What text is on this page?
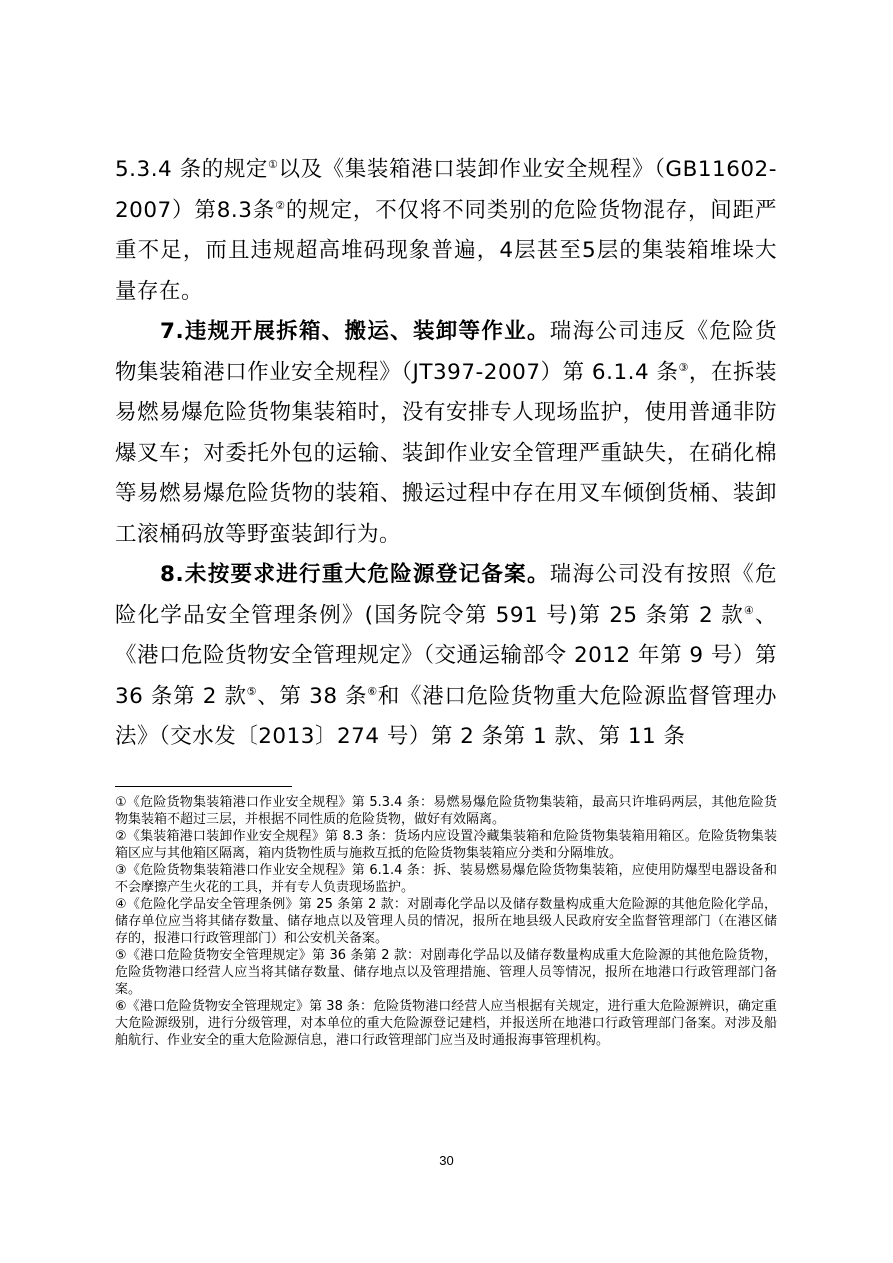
5.3.4 条的规定①以及《集装箱港口装卸作业安全规程》（GB11602-2007）第8.3条②的规定，不仅将不同类别的危险货物混存，间距严重不足，而且违规超高堆码现象普遍，4层甚至5层的集装箱堆垛大量存在。

7.违规开展拆箱、搬运、装卸等作业。瑞海公司违反《危险货物集装箱港口作业安全规程》（JT397-2007）第 6.1.4 条③，在拆装易燃易爆危险货物集装箱时，没有安排专人现场监护，使用普通非防爆叉车；对委托外包的运输、装卸作业安全管理严重缺失，在硝化棉等易燃易爆危险货物的装箱、搬运过程中存在用叉车倾倒货桶、装卸工滚桶码放等野蛮装卸行为。

8.未按要求进行重大危险源登记备案。瑞海公司没有按照《危险化学品安全管理条例》(国务院令第 591 号)第 25 条第 2 款④、《港口危险货物安全管理规定》（交通运输部令 2012 年第 9 号）第 36 条第 2 款⑤、第 38 条⑥和《港口危险货物重大危险源监督管理办法》（交水发〔2013〕274 号）第 2 条第 1 款、第 11 条

①《危险货物集装箱港口作业安全规程》第 5.3.4 条：易燃易爆危险货物集装箱，最高只许堆码两层，其他危险货物集装箱不超过三层，并根据不同性质的危险货物，做好有效隔离。

②《集装箱港口装卸作业安全规程》第 8.3 条：货场内应设置冷藏集装箱和危险货物集装箱用箱区。危险货物集装箱区应与其他箱区隔离，箱内货物性质与施救互抵的危险货物集装箱应分类和分隔堆放。

③《危险货物集装箱港口作业安全规程》第 6.1.4 条：拆、装易燃易爆危险货物集装箱，应使用防爆型电器设备和不会摩擦产生火花的工具，并有专人负责现场监护。

④《危险化学品安全管理条例》第 25 条第 2 款：对剧毒化学品以及储存数量构成重大危险源的其他危险化学品，储存单位应当将其储存数量、储存地点以及管理人员的情况，报所在地县级人民政府安全监督管理部门（在港区储存的，报港口行政管理部门）和公安机关备案。

⑤《港口危险货物安全管理规定》第 36 条第 2 款：对剧毒化学品以及储存数量构成重大危险源的其他危险货物，危险货物港口经营人应当将其储存数量、储存地点以及管理措施、管理人员等情况，报所在地港口行政管理部门备案。

⑥《港口危险货物安全管理规定》第 38 条：危险货物港口经营人应当根据有关规定，进行重大危险源辨识，确定重大危险源级别，进行分级管理，对本单位的重大危险源登记建档，并报送所在地港口行政管理部门备案。对涉及船舶航行、作业安全的重大危险源信息，港口行政管理部门应当及时通报海事管理机构。

30
